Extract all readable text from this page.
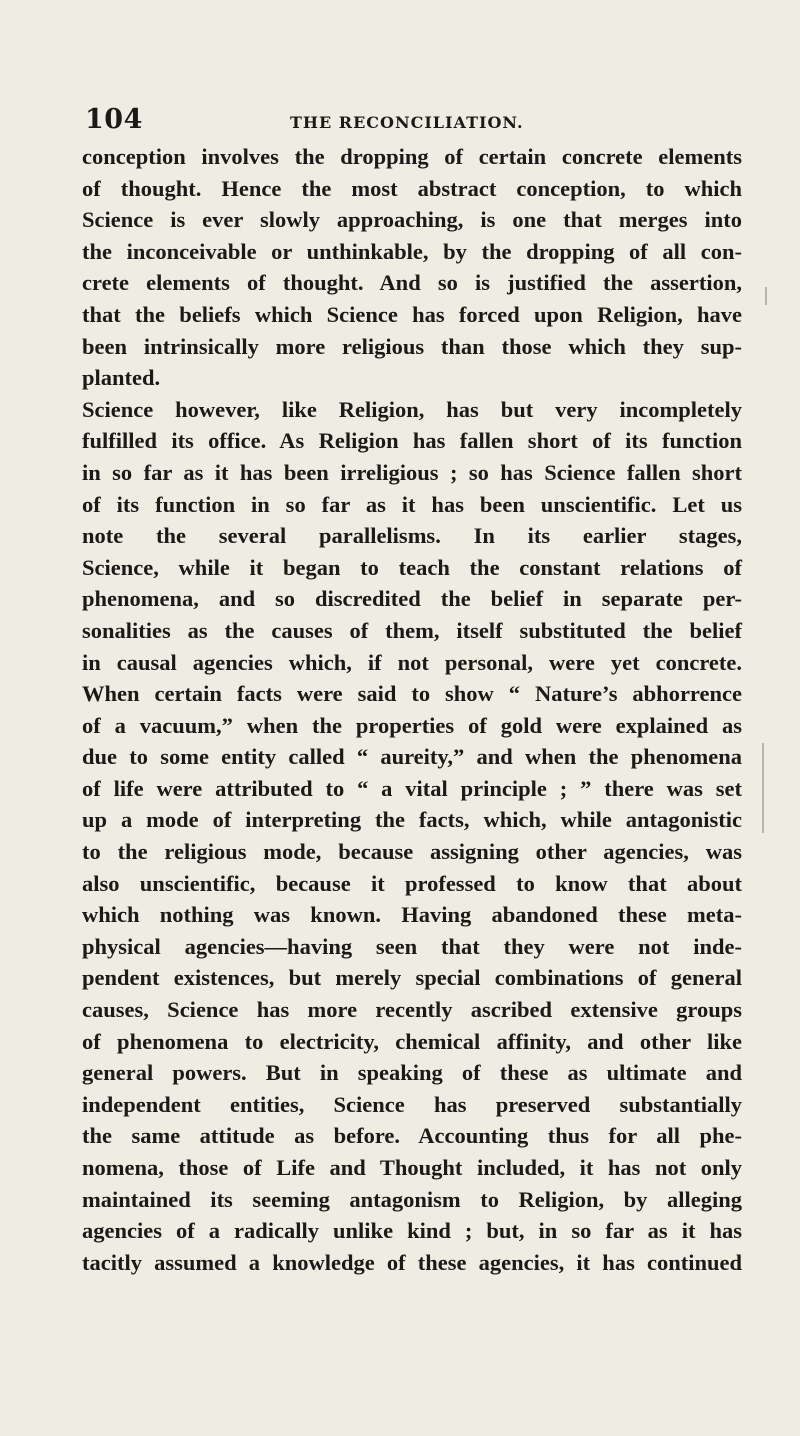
104	THE RECONCILIATION.
conception involves the dropping of certain concrete elements
of thought. Hence the most abstract conception, to which
Science is ever slowly approaching, is one that merges into
the inconceivable or unthinkable, by the dropping of all con-
crete elements of thought. And so is justified the assertion,
that the beliefs which Science has forced upon Religion, have
been intrinsically more religious than those which they sup-
planted.
Science however, like Religion, has but very incompletely
fulfilled its office. As Religion has fallen short of its function
in so far as it has been irreligious ; so has Science fallen short
of its function in so far as it has been unscientific. Let us
note the several parallelisms. In its earlier stages,
Science, while it began to teach the constant relations of
phenomena, and so discredited the belief in separate per-
sonalities as the causes of them, itself substituted the belief
in causal agencies which, if not personal, were yet concrete.
When certain facts were said to show “ Nature’s abhorrence
of a vacuum,” when the properties of gold were explained as
due to some entity called “ aureity,” and when the phenomena
of life were attributed to “ a vital principle ; ” there was set
up a mode of interpreting the facts, which, while antagonistic
to the religious mode, because assigning other agencies, was
also unscientific, because it professed to know that about
which nothing was known. Having abandoned these meta-
physical agencies—having seen that they were not inde-
pendent existences, but merely special combinations of general
causes, Science has more recently ascribed extensive groups
of phenomena to electricity, chemical affinity, and other like
general powers. But in speaking of these as ultimate and
independent entities, Science has preserved substantially
the same attitude as before. Accounting thus for all phe-
nomena, those of Life and Thought included, it has not only
maintained its seeming antagonism to Religion, by alleging
agencies of a radically unlike kind ; but, in so far as it has
tacitly assumed a knowledge of these agencies, it has continued
